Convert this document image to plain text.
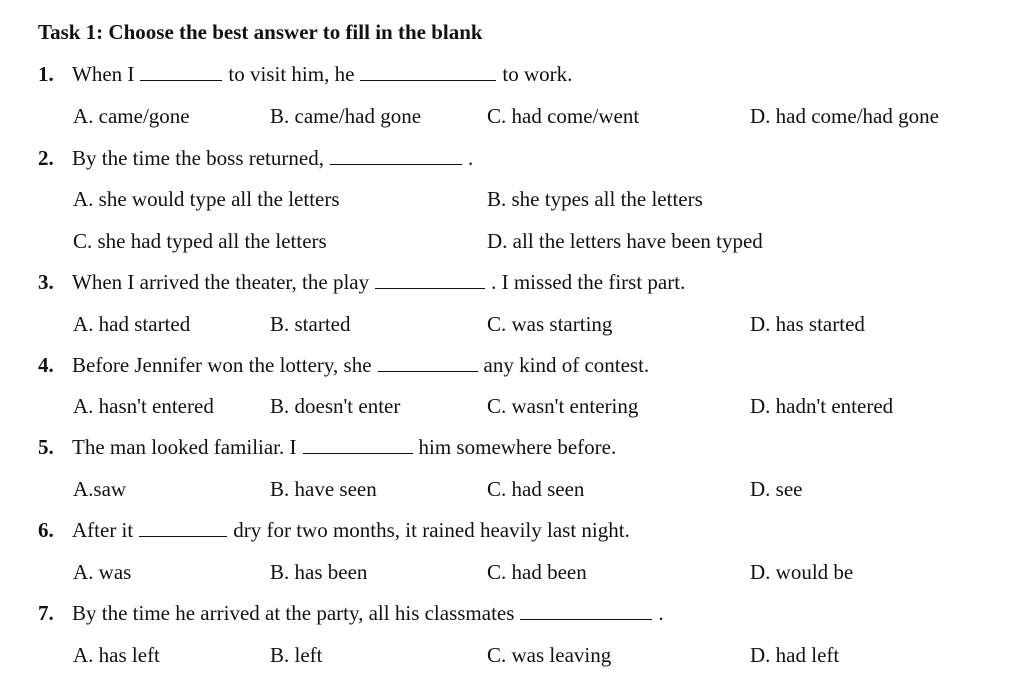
Task 1: Choose the best answer to fill in the blank
1. When I	to visit him, he	to work.
A. came/gone	B. came/had gone	C. had come/went	D. had come/had gone
2. By the time the boss returned,	.
A. she would type all the letters	B. she types all the letters
C. she had typed all the letters	D. all the letters have been typed
3. When I arrived the theater, the play	. I missed the first part.
A. had started	B. started	C. was starting	D. has started
4. Before Jennifer won the lottery, she	any kind of contest.
A. hasn't entered	B. doesn't enter	C. wasn't entering	D. hadn't entered
5. The man looked familiar. I	him somewhere before.
A.saw	B. have seen	C. had seen	D. see
6. After it	dry for two months, it rained heavily last night.
A. was	B. has been	C. had been	D. would be
7. By the time he arrived at the party, all his classmates	.
A. has left	B. left	C. was leaving	D. had left
